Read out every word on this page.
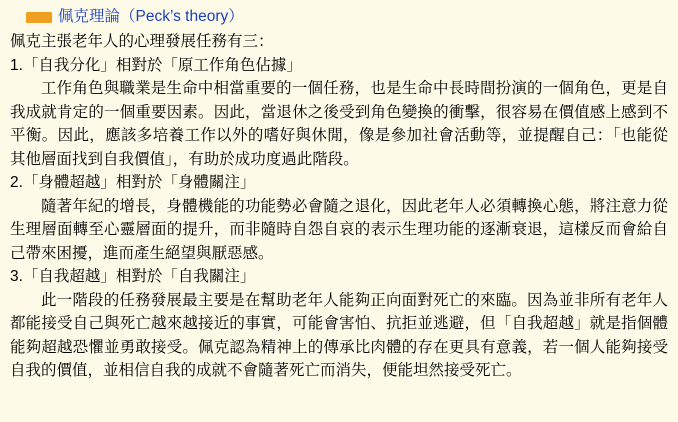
佩克理論（Peck’s theory）

佩克主張老年人的心理發展任務有三：

1.「自我分化」相對於「原工作角色佔據」

工作角色與職業是生命中相當重要的一個任務，也是生命中長時間扮演的一個角色，更是自我成就肯定的一個重要因素。因此，當退休之後受到角色變換的衝擊，很容易在價值感上感到不平衡。因此，應該多培養工作以外的嗜好與休閒，像是參加社會活動等，並提醒自己：「也能從其他層面找到自我價值」，有助於成功度過此階段。

2.「身體超越」相對於「身體關注」

隨著年紀的增長，身體機能的功能勢必會隨之退化，因此老年人必須轉換心態，將注意力從生理層面轉至心靈層面的提升，而非隨時自怨自哀的表示生理功能的逐漸衰退，這樣反而會給自己帶來困擾，進而產生絕望與厭惡感。

3.「自我超越」相對於「自我關注」

此一階段的任務發展最主要是在幫助老年人能夠正向面對死亡的來臨。因為並非所有老年人都能接受自己與死亡越來越接近的事實，可能會害怕、抗拒並逃避，但「自我超越」就是指個體能夠超越恐懼並勇敢接受。佩克認為精神上的傳承比肉體的存在更具有意義，若一個人能夠接受自我的價值，並相信自我的成就不會隨著死亡而消失，便能坦然接受死亡。
